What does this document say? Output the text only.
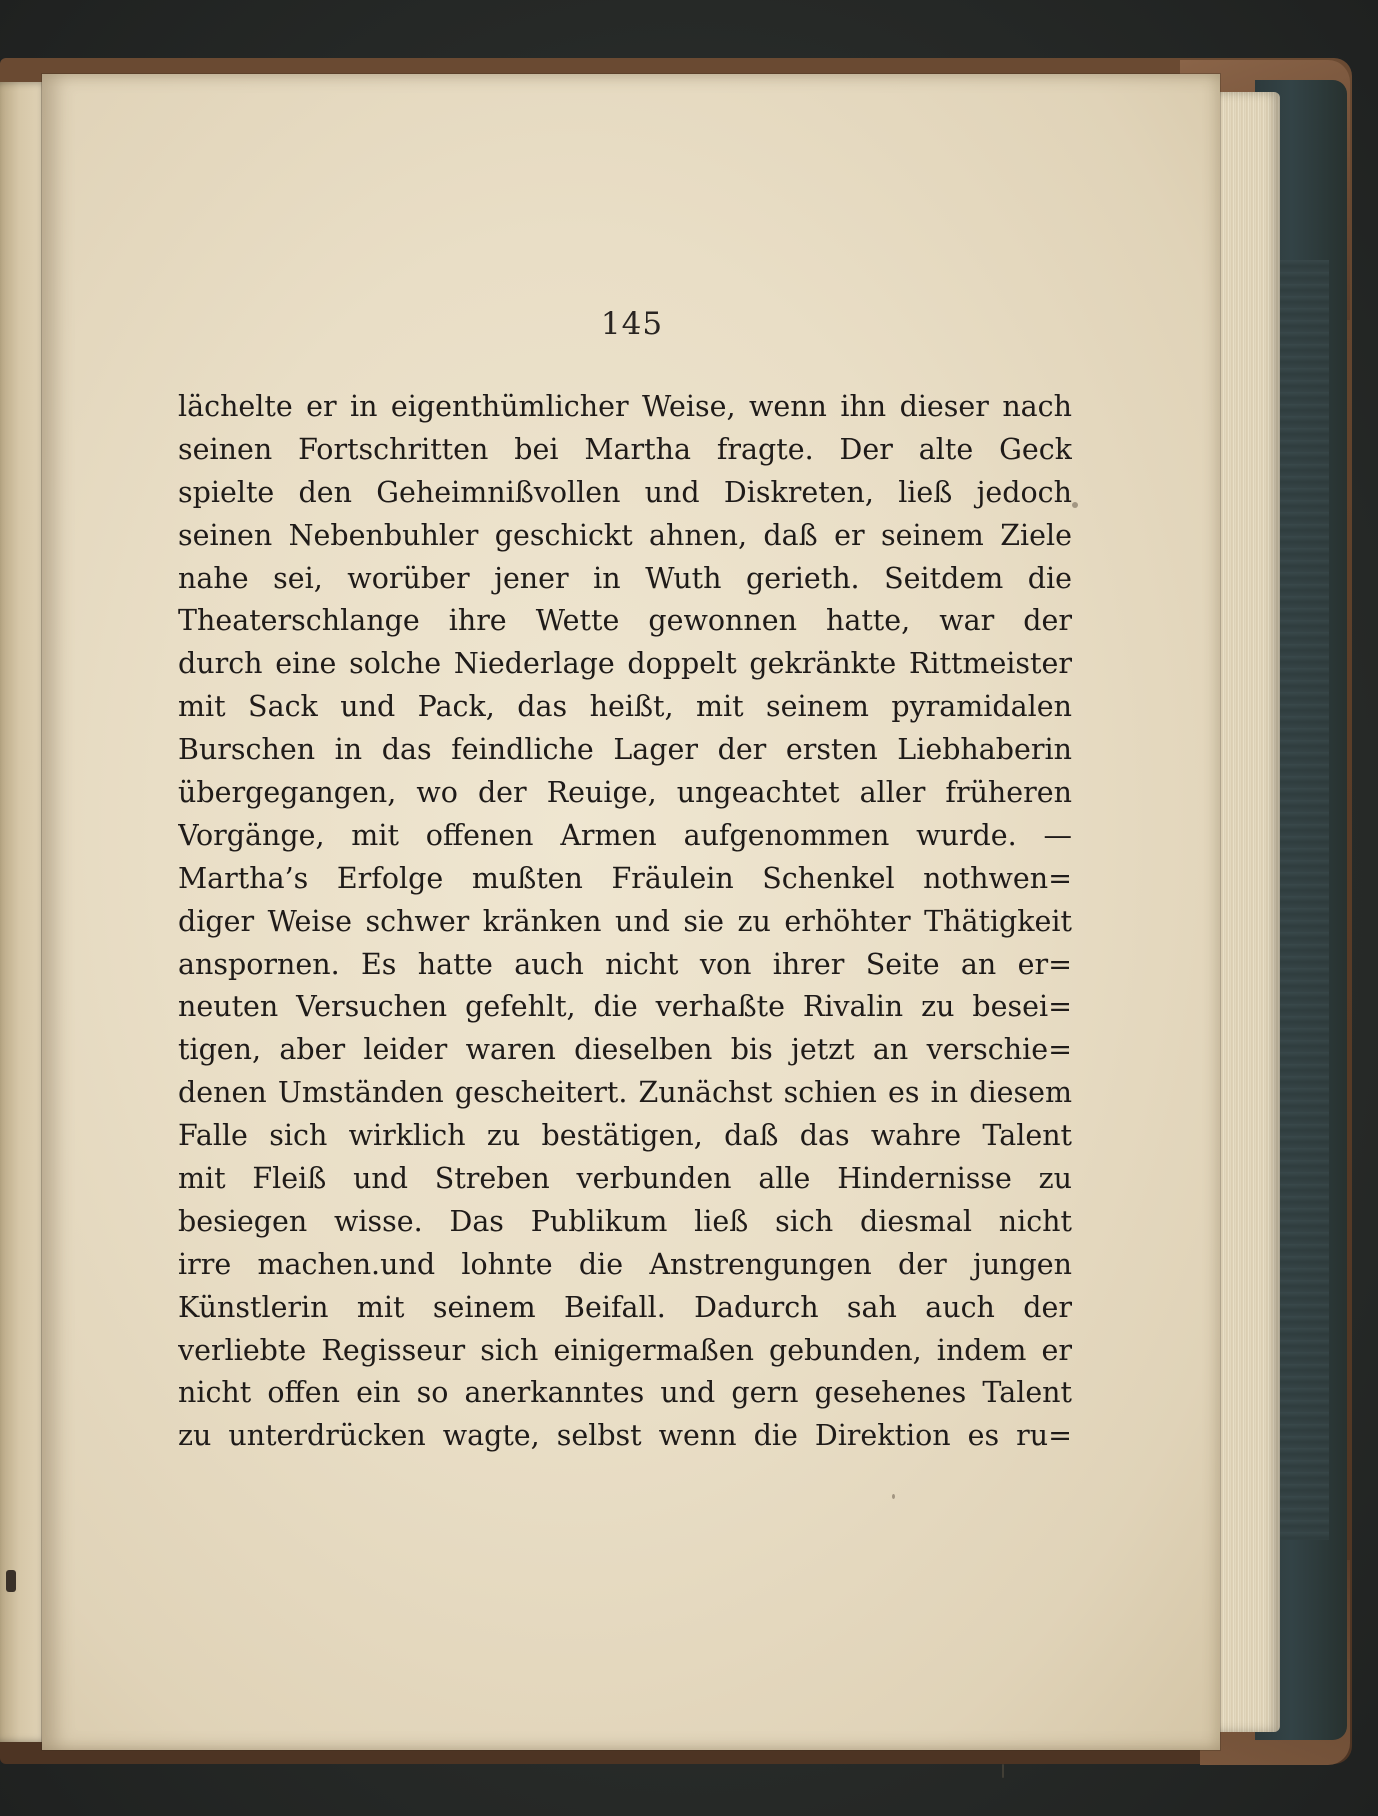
145
lächelte er in eigenthümlicher Weise, wenn ihn dieser nach
seinen Fortschritten bei Martha fragte. Der alte Geck
spielte den Geheimnißvollen und Diskreten, ließ jedoch
seinen Nebenbuhler geschickt ahnen, daß er seinem Ziele
nahe sei, worüber jener in Wuth gerieth. Seitdem die
Theaterschlange ihre Wette gewonnen hatte, war der
durch eine solche Niederlage doppelt gekränkte Rittmeister
mit Sack und Pack, das heißt, mit seinem pyramidalen
Burschen in das feindliche Lager der ersten Liebhaberin
übergegangen, wo der Reuige, ungeachtet aller früheren
Vorgänge, mit offenen Armen aufgenommen wurde. —
Martha’s Erfolge mußten Fräulein Schenkel nothwen=
diger Weise schwer kränken und sie zu erhöhter Thätigkeit
anspornen. Es hatte auch nicht von ihrer Seite an er=
neuten Versuchen gefehlt, die verhaßte Rivalin zu besei=
tigen, aber leider waren dieselben bis jetzt an verschie=
denen Umständen gescheitert. Zunächst schien es in diesem
Falle sich wirklich zu bestätigen, daß das wahre Talent
mit Fleiß und Streben verbunden alle Hindernisse zu
besiegen wisse. Das Publikum ließ sich diesmal nicht
irre machen.und lohnte die Anstrengungen der jungen
Künstlerin mit seinem Beifall. Dadurch sah auch der
verliebte Regisseur sich einigermaßen gebunden, indem er
nicht offen ein so anerkanntes und gern gesehenes Talent
zu unterdrücken wagte, selbst wenn die Direktion es ru=
